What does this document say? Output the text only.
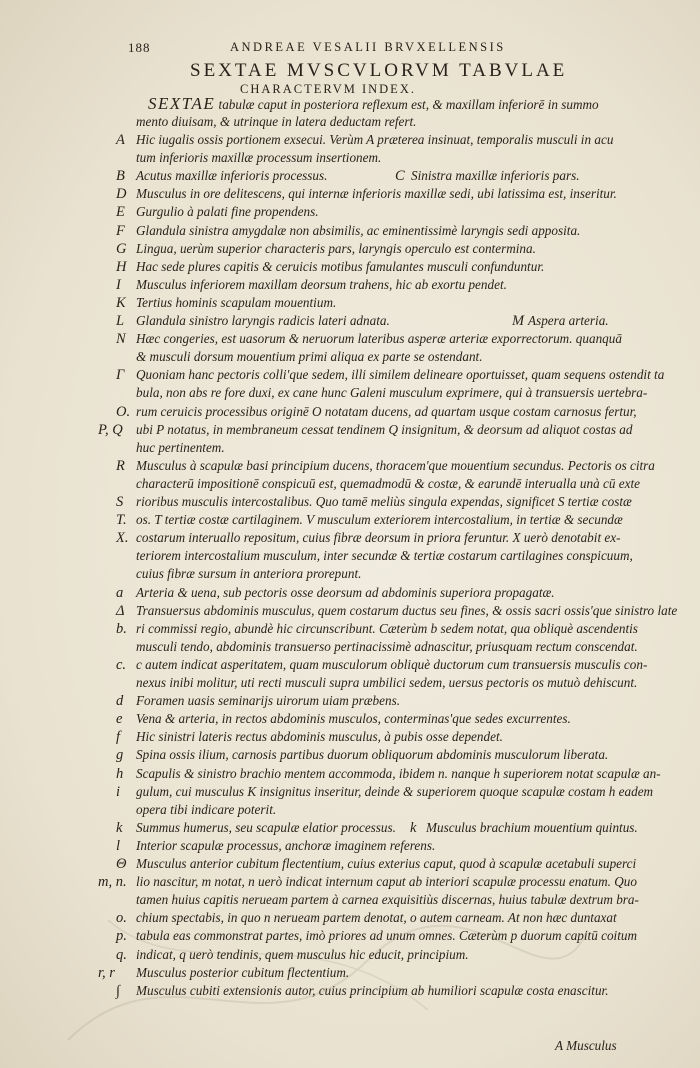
188	ANDREAE VESALII BRVXELLENSIS
SEXTAE MVSCVLORVM TABVLAE
CHARACTERVM INDEX.
SEXTAE tabulæ caput in posteriora reflexum est, & maxillam inferiorē in summo
mento diuisam, & utrinque in latera deductam refert.
A Hic iugalis ossis portionem exsecui. Verùm A præterea insinuat, temporalis musculi in acu
tum inferioris maxillæ processum insertionem.
B Acutus maxillæ inferioris processus.	C Sinistra maxillæ inferioris pars.
D Musculus in ore delitescens, qui internæ inferioris maxillæ sedi, ubi latissima est, inseritur.
E Gurgulio à palati fine propendens.
F Glandula sinistra amygdalæ non absimilis, ac eminentissimè laryngis sedi apposita.
G Lingua, uerùm superior characteris pars, laryngis operculo est contermina.
H Hac sede plures capitis & ceruicis motibus famulantes musculi confunduntur.
I Musculus inferiorem maxillam deorsum trahens, hic ab exortu pendet.
K Tertius hominis scapulam mouentium.
L Glandula sinistro laryngis radicis lateri adnata.	M Aspera arteria.
N Hæc congeries, est uasorum & neruorum lateribus asperæ arteriæ exporrectorum. quanquā
& musculi dorsum mouentium primi aliqua ex parte se ostendant.
Γ Quoniam hanc pectoris colli'que sedem, illi similem delineare oportuisset, quam sequens ostendit ta
bula, non abs re fore duxi, ex cane hunc Galeni musculum exprimere, qui à transuersis uertebra-
O. rum ceruicis processibus originē O notatam ducens, ad quartam usque costam carnosus fertur,
P, Q ubi P notatus, in membraneum cessat tendinem Q insignitum, & deorsum ad aliquot costas ad
huc pertinentem.
R Musculus à scapulæ basi principium ducens, thoracem'que mouentium secundus. Pectoris os citra
characterū impositionē conspicuū est, quemadmodū & costæ, & earundē interualla unà cū exte
S rioribus musculis intercostalibus. Quo tamē meliùs singula expendas, significet S tertiæ costæ
T. os. T tertiæ costæ cartilaginem. V musculum exteriorem intercostalium, in tertiæ & secundæ
X. costarum interuallo repositum, cuius fibræ deorsum in priora feruntur. X uerò denotabit ex-
teriorem intercostalium musculum, inter secundæ & tertiæ costarum cartilagines conspicuum,
cuius fibræ sursum in anteriora prorepunt.
a Arteria & uena, sub pectoris osse deorsum ad abdominis superiora propagatæ.
Δ Transuersus abdominis musculus, quem costarum ductus seu fines, & ossis sacri ossis'que sinistro late
b. ri commissi regio, abundè hic circunscribunt. Cæterùm b sedem notat, qua obliquè ascendentis
musculi tendo, abdominis transuerso pertinacissimè adnascitur, priusquam rectum conscendat.
c. c autem indicat asperitatem, quam musculorum obliquè ductorum cum transuersis musculis con-
nexus inibi molitur, uti recti musculi supra umbilici sedem, uersus pectoris os mutuò dehiscunt.
d Foramen uasis seminarijs uirorum uiam præbens.
e Vena & arteria, in rectos abdominis musculos, conterminas'que sedes excurrentes.
f Hic sinistri lateris rectus abdominis musculus, à pubis osse dependet.
g Spina ossis ilium, carnosis partibus duorum obliquorum abdominis musculorum liberata.
h Scapulis & sinistro brachio mentem accommoda, ibidem n. nanque h superiorem notat scapulæ an-
i gulum, cui musculus K insignitus inseritur, deinde & superiorem quoque scapulæ costam h eadem
opera tibi indicare poterit.
k Summus humerus, seu scapulæ elatior processus. k Musculus brachium mouentium quintus.
l Interior scapulæ processus, anchoræ imaginem referens.
Θ Musculus anterior cubitum flectentium, cuius exterius caput, quod à scapulæ acetabuli superci
m, n. lio nascitur, m notat, n uerò indicat internum caput ab interiori scapulæ processu enatum. Quo
tamen huius capitis nerueam partem à carnea exquisitiùs discernas, huius tabulæ dextrum bra-
o. chium spectabis, in quo n nerueam partem denotat, o autem carneam. At non hæc duntaxat
p. tabula eas commonstrat partes, imò priores ad unum omnes. Cæterùm p duorum capitū coitum
q. indicat, q uerò tendinis, quem musculus hic educit, principium.
r, r Musculus posterior cubitum flectentium.
∫ Musculus cubiti extensionis autor, cuius principium ab humiliori scapulæ costa enascitur.
A Musculus
